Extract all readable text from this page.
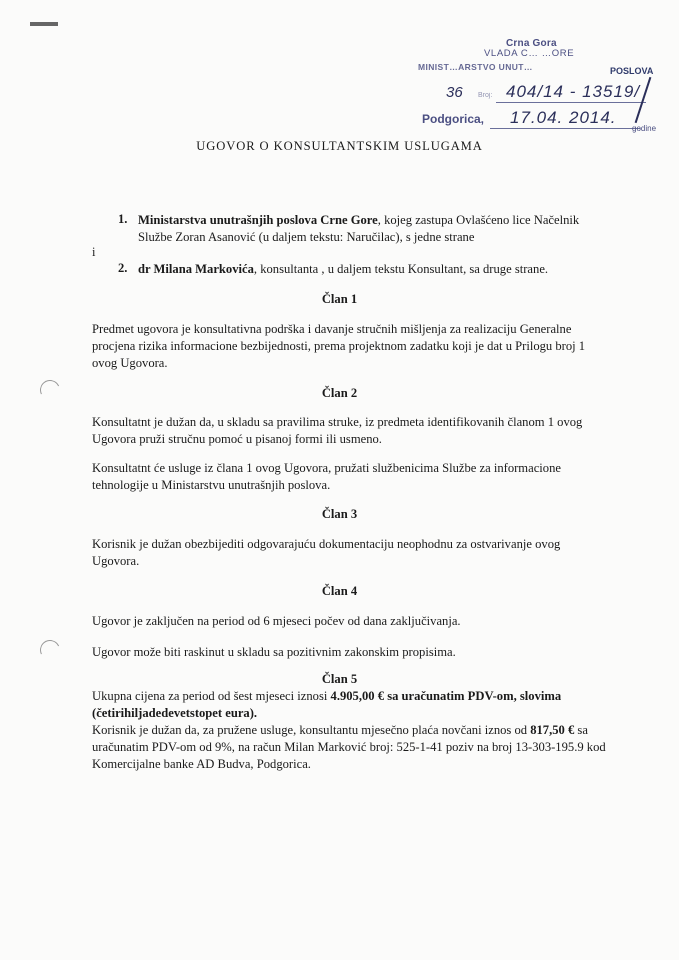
Crna Gora
VLADA C… …ORE
MINIST…ARSTVO UNUT…	POSLOVA
36 Broj: 404/14 - 13519/
Podgorica, 17.04. 2014.
godine
UGOVOR O KONSULTANTSKIM USLUGAMA
1. Ministarstva unutrašnjih poslova Crne Gore, kojeg zastupa Ovlašćeno lice Načelnik Službe Zoran Asanović (u daljem tekstu: Naručilac), s jedne strane

i
2. dr Milana Markovića, konsultanta , u daljem tekstu Konsultant, sa druge strane.

Član 1

Predmet ugovora je konsultativna podrška i davanje stručnih mišljenja za realizaciju Generalne procjena rizika informacione bezbijednosti, prema projektnom zadatku koji je dat u Prilogu broj 1 ovog Ugovora.

Član 2

Konsultatnt je dužan da, u skladu sa pravilima struke, iz predmeta identifikovanih članom 1 ovog Ugovora pruži stručnu pomoć u pisanoj formi ili usmeno.

Konsultatnt će usluge iz člana 1 ovog Ugovora, pružati službenicima Službe za informacione tehnologije u Ministarstvu unutrašnjih poslova.

Član 3

Korisnik je dužan obezbijediti odgovarajuću dokumentaciju neophodnu za ostvarivanje ovog Ugovora.

Član 4

Ugovor je zaključen na period od 6 mjeseci počev od dana zaključivanja.

Ugovor može biti raskinut u skladu sa pozitivnim zakonskim propisima.

Član 5

Ukupna cijena za period od šest mjeseci iznosi 4.905,00 € sa uračunatim PDV-om, slovima (četirihiljadedevetstopet eura).

Korisnik je dužan da, za pružene usluge, konsultantu mjesečno plaća novčani iznos od 817,50 € sa uračunatim PDV-om od 9%, na račun Milan Marković broj: 525-1-41 poziv na broj 13-303-195.9 kod Komercijalne banke AD Budva, Podgorica.
